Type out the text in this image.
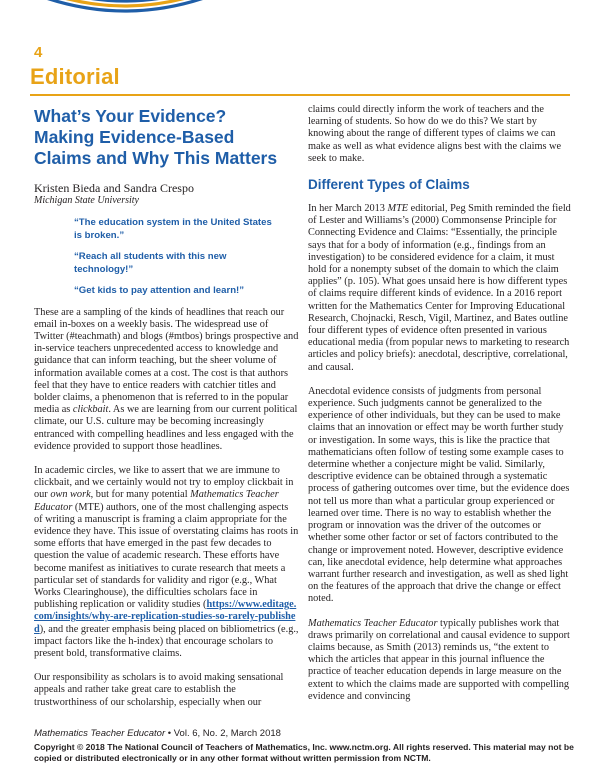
4
Editorial
What’s Your Evidence?
Making Evidence-Based
Claims and Why This Matters

Kristen Bieda and Sandra Crespo

Michigan State University

“The education system in the United States is broken.”

“Reach all students with this new technology!”

“Get kids to pay attention and learn!”

These are a sampling of the kinds of headlines that reach our email in-boxes on a weekly basis. The widespread use of Twitter (#teachmath) and blogs (#mtbos) brings prospective and in-service teachers unprecedented access to knowledge and guidance that can inform teaching, but the sheer volume of information available comes at a cost. The cost is that authors feel that they have to entice readers with catchier titles and bolder claims, a phenomenon that is referred to in the popular media as clickbait. As we are learning from our current political climate, our U.S. culture may be becoming increasingly entranced with compelling headlines and less engaged with the evidence provided to support those headlines.

In academic circles, we like to assert that we are immune to clickbait, and we certainly would not try to employ clickbait in our own work, but for many potential Mathematics Teacher Educator (MTE) authors, one of the most challenging aspects of writing a manuscript is framing a claim appropriate for the evidence they have. This issue of overstating claims has roots in some efforts that have emerged in the past few decades to question the value of academic research. These efforts have become manifest as initiatives to curate research that meets a particular set of standards for validity and rigor (e.g., What Works Clearinghouse), the difficulties scholars face in publishing replication or validity studies (https://www.editage.com/insights/why-are-replication-studies-so-rarely-published), and the greater emphasis being placed on bibliometrics (e.g., impact factors like the h-index) that encourage scholars to present bold, transformative claims.

Our responsibility as scholars is to avoid making sensational appeals and rather take great care to establish the trustworthiness of our scholarship, especially when our

claims could directly inform the work of teachers and the learning of students. So how do we do this? We start by knowing about the range of different types of claims we can make as well as what evidence aligns best with the claims we seek to make.

Different Types of Claims

In her March 2013 MTE editorial, Peg Smith reminded the field of Lester and Williams’s (2000) Commonsense Principle for Connecting Evidence and Claims: “Essentially, the principle says that for a body of information (e.g., findings from an investigation) to be considered evidence for a claim, it must hold for a nonempty subset of the domain to which the claim applies” (p. 105). What goes unsaid here is how different types of claims require different kinds of evidence. In a 2016 report written for the Mathematics Center for Improving Educational Research, Chojnacki, Resch, Vigil, Martinez, and Bates outline four different types of evidence often presented in various educational media (from popular news to marketing to research articles and policy briefs): anecdotal, descriptive, correlational, and causal.

Anecdotal evidence consists of judgments from personal experience. Such judgments cannot be generalized to the experience of other individuals, but they can be used to make claims that an innovation or effect may be worth further study or investigation. In some ways, this is like the practice that mathematicians often follow of testing some example cases to determine whether a conjecture might be valid. Similarly, descriptive evidence can be obtained through a systematic process of gathering outcomes over time, but the evidence does not tell us more than what a particular group experienced or learned over time. There is no way to establish whether the program or innovation was the driver of the outcomes or whether some other factor or set of factors contributed to the change or improvement noted. However, descriptive evidence can, like anecdotal evidence, help determine what approaches warrant further research and investigation, as well as shed light on the features of the approach that drive the change or effect noted.

Mathematics Teacher Educator typically publishes work that draws primarily on correlational and causal evidence to support claims because, as Smith (2013) reminds us, “the extent to which the articles that appear in this journal influence the practice of teacher education depends in large measure on the extent to which the claims made are supported with compelling evidence and convincing

Mathematics Teacher Educator • Vol. 6, No. 2, March 2018
Copyright © 2018 The National Council of Teachers of Mathematics, Inc. www.nctm.org. All rights reserved. This material may not be copied or distributed electronically or in any other format without written permission from NCTM.
